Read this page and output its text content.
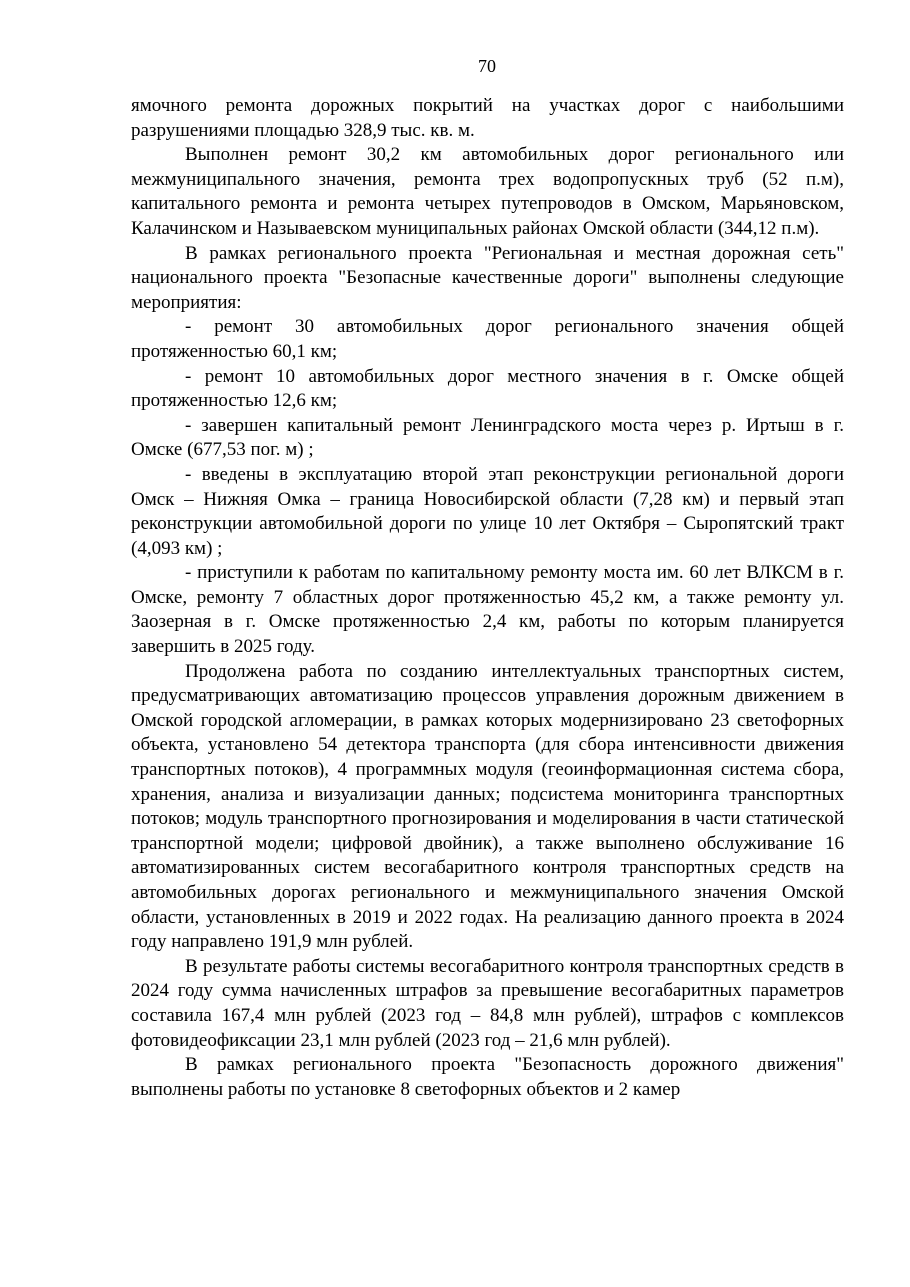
70

ямочного ремонта дорожных покрытий на участках дорог с наибольшими разрушениями площадью 328,9 тыс. кв. м.

Выполнен ремонт 30,2 км автомобильных дорог регионального или межмуниципального значения, ремонта трех водопропускных труб (52 п.м), капитального ремонта и ремонта четырех путепроводов в Омском, Марьяновском, Калачинском и Называевском муниципальных районах Омской области (344,12 п.м).

В рамках регионального проекта "Региональная и местная дорожная сеть" национального проекта "Безопасные качественные дороги" выполнены следующие мероприятия:

- ремонт 30 автомобильных дорог регионального значения общей протяженностью 60,1 км;

- ремонт 10 автомобильных дорог местного значения в г. Омске общей протяженностью 12,6 км;

- завершен капитальный ремонт Ленинградского моста через р. Иртыш в г. Омске (677,53 пог. м) ;

- введены в эксплуатацию второй этап реконструкции региональной дороги Омск – Нижняя Омка – граница Новосибирской области (7,28 км) и первый этап реконструкции автомобильной дороги по улице 10 лет Октября – Сыропятский тракт (4,093 км) ;

- приступили к работам по капитальному ремонту моста им. 60 лет ВЛКСМ в г. Омске, ремонту 7 областных дорог протяженностью 45,2 км, а также ремонту ул. Заозерная в г. Омске протяженностью 2,4 км, работы по которым планируется завершить в 2025 году.

Продолжена работа по созданию интеллектуальных транспортных систем, предусматривающих автоматизацию процессов управления дорожным движением в Омской городской агломерации, в рамках которых модернизировано 23 светофорных объекта, установлено 54 детектора транспорта (для сбора интенсивности движения транспортных потоков), 4 программных модуля (геоинформационная система сбора, хранения, анализа и визуализации данных; подсистема мониторинга транспортных потоков; модуль транспортного прогнозирования и моделирования в части статической транспортной модели; цифровой двойник), а также выполнено обслуживание 16 автоматизированных систем весогабаритного контроля транспортных средств на автомобильных дорогах регионального и межмуниципального значения Омской области, установленных в 2019 и 2022 годах. На реализацию данного проекта в 2024 году направлено 191,9 млн рублей.

В результате работы системы весогабаритного контроля транспортных средств в 2024 году сумма начисленных штрафов за превышение весогабаритных параметров составила 167,4 млн рублей (2023 год – 84,8 млн рублей), штрафов с комплексов фотовидеофиксации 23,1 млн рублей (2023 год – 21,6 млн рублей).

В рамках регионального проекта "Безопасность дорожного движения" выполнены работы по установке 8 светофорных объектов и 2 камер
